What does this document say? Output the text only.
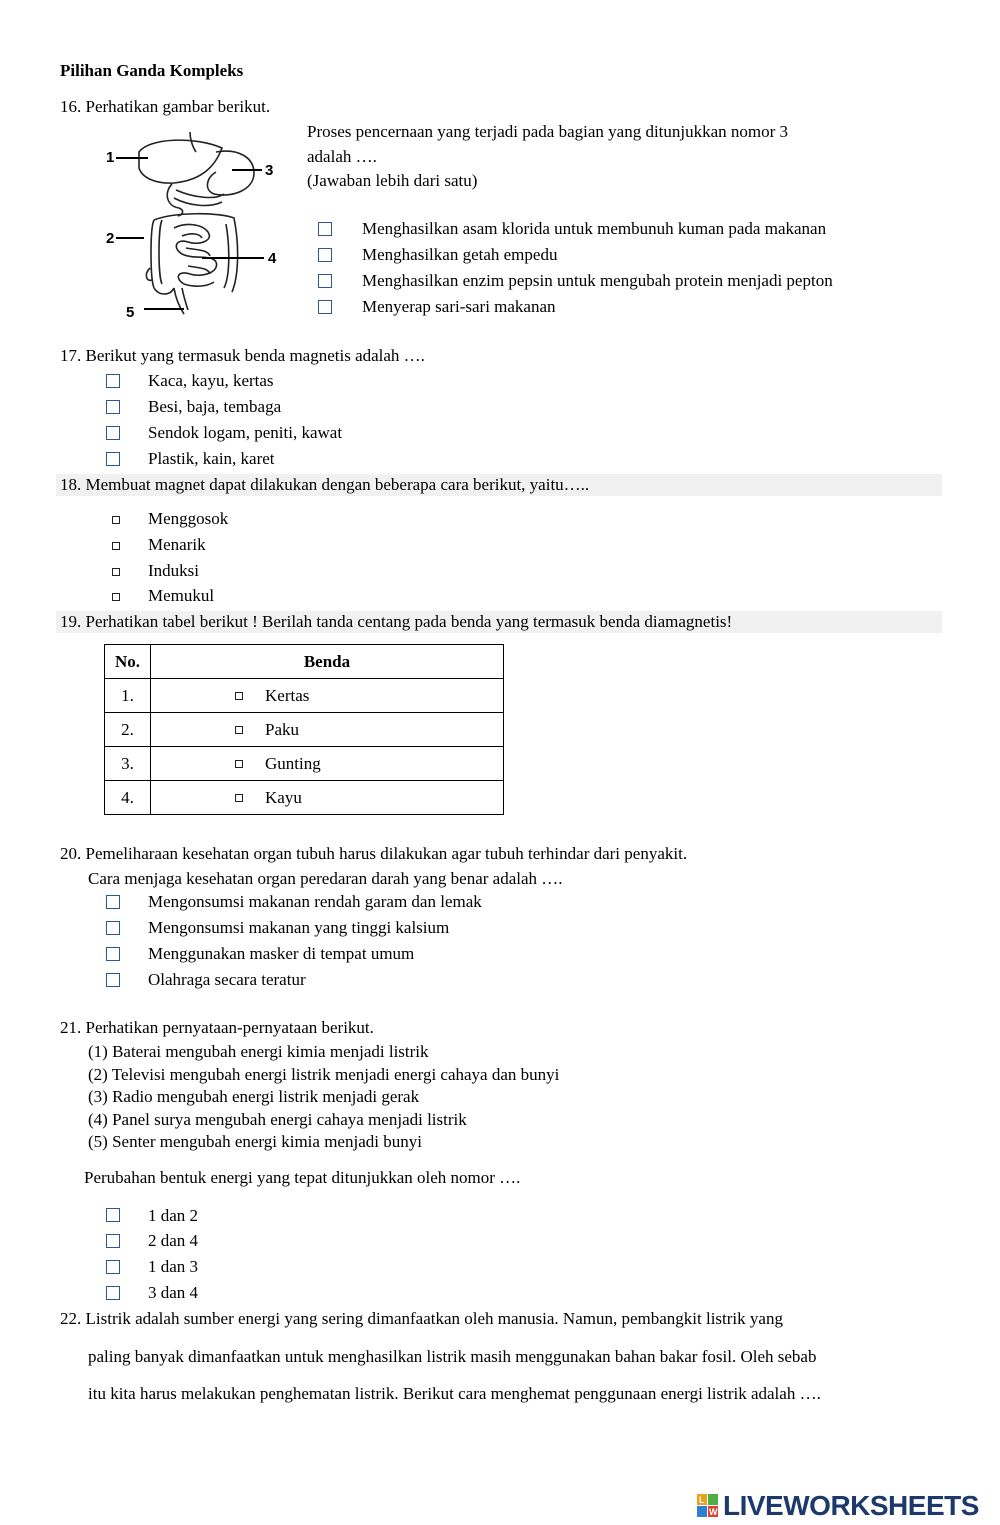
Pilihan Ganda Kompleks
16. Perhatikan gambar berikut.
1
3
2
4
5
Proses pencernaan yang terjadi pada bagian yang ditunjukkan nomor 3
adalah ….
(Jawaban lebih dari satu)
Menghasilkan asam klorida untuk membunuh kuman pada makanan
Menghasilkan getah empedu
Menghasilkan enzim pepsin untuk mengubah protein menjadi pepton
Menyerap sari-sari makanan
17. Berikut yang termasuk benda magnetis adalah ….
Kaca, kayu, kertas
Besi, baja, tembaga
Sendok logam, peniti, kawat
Plastik, kain, karet
18. Membuat magnet dapat dilakukan dengan beberapa cara berikut, yaitu…..
Menggosok
Menarik
Induksi
Memukul
19. Perhatikan tabel berikut ! Berilah tanda centang pada benda yang termasuk benda diamagnetis!
No.	Benda
1.	Kertas

2.	Paku

3.	Gunting

4.	Kayu
20. Pemeliharaan kesehatan organ tubuh harus dilakukan agar tubuh terhindar dari penyakit.
Cara menjaga kesehatan organ peredaran darah yang benar adalah ….
Mengonsumsi makanan rendah garam dan lemak
Mengonsumsi makanan yang tinggi kalsium
Menggunakan masker di tempat umum
Olahraga secara teratur
21. Perhatikan pernyataan-pernyataan berikut.
(1) Baterai mengubah energi kimia menjadi listrik
(2) Televisi mengubah energi listrik menjadi energi cahaya dan bunyi
(3) Radio mengubah energi listrik menjadi gerak
(4) Panel surya mengubah energi cahaya menjadi listrik
(5) Senter mengubah energi kimia menjadi bunyi
Perubahan bentuk energi yang tepat ditunjukkan oleh nomor ….
1 dan 2
2 dan 4
1 dan 3
3 dan 4
22. Listrik adalah sumber energi yang sering dimanfaatkan oleh manusia. Namun, pembangkit listrik yang
paling banyak dimanfaatkan untuk menghasilkan listrik masih menggunakan bahan bakar fosil. Oleh sebab
itu kita harus melakukan penghematan listrik. Berikut cara menghemat penggunaan energi listrik adalah ….
L
W LIVEWORKSHEETS
